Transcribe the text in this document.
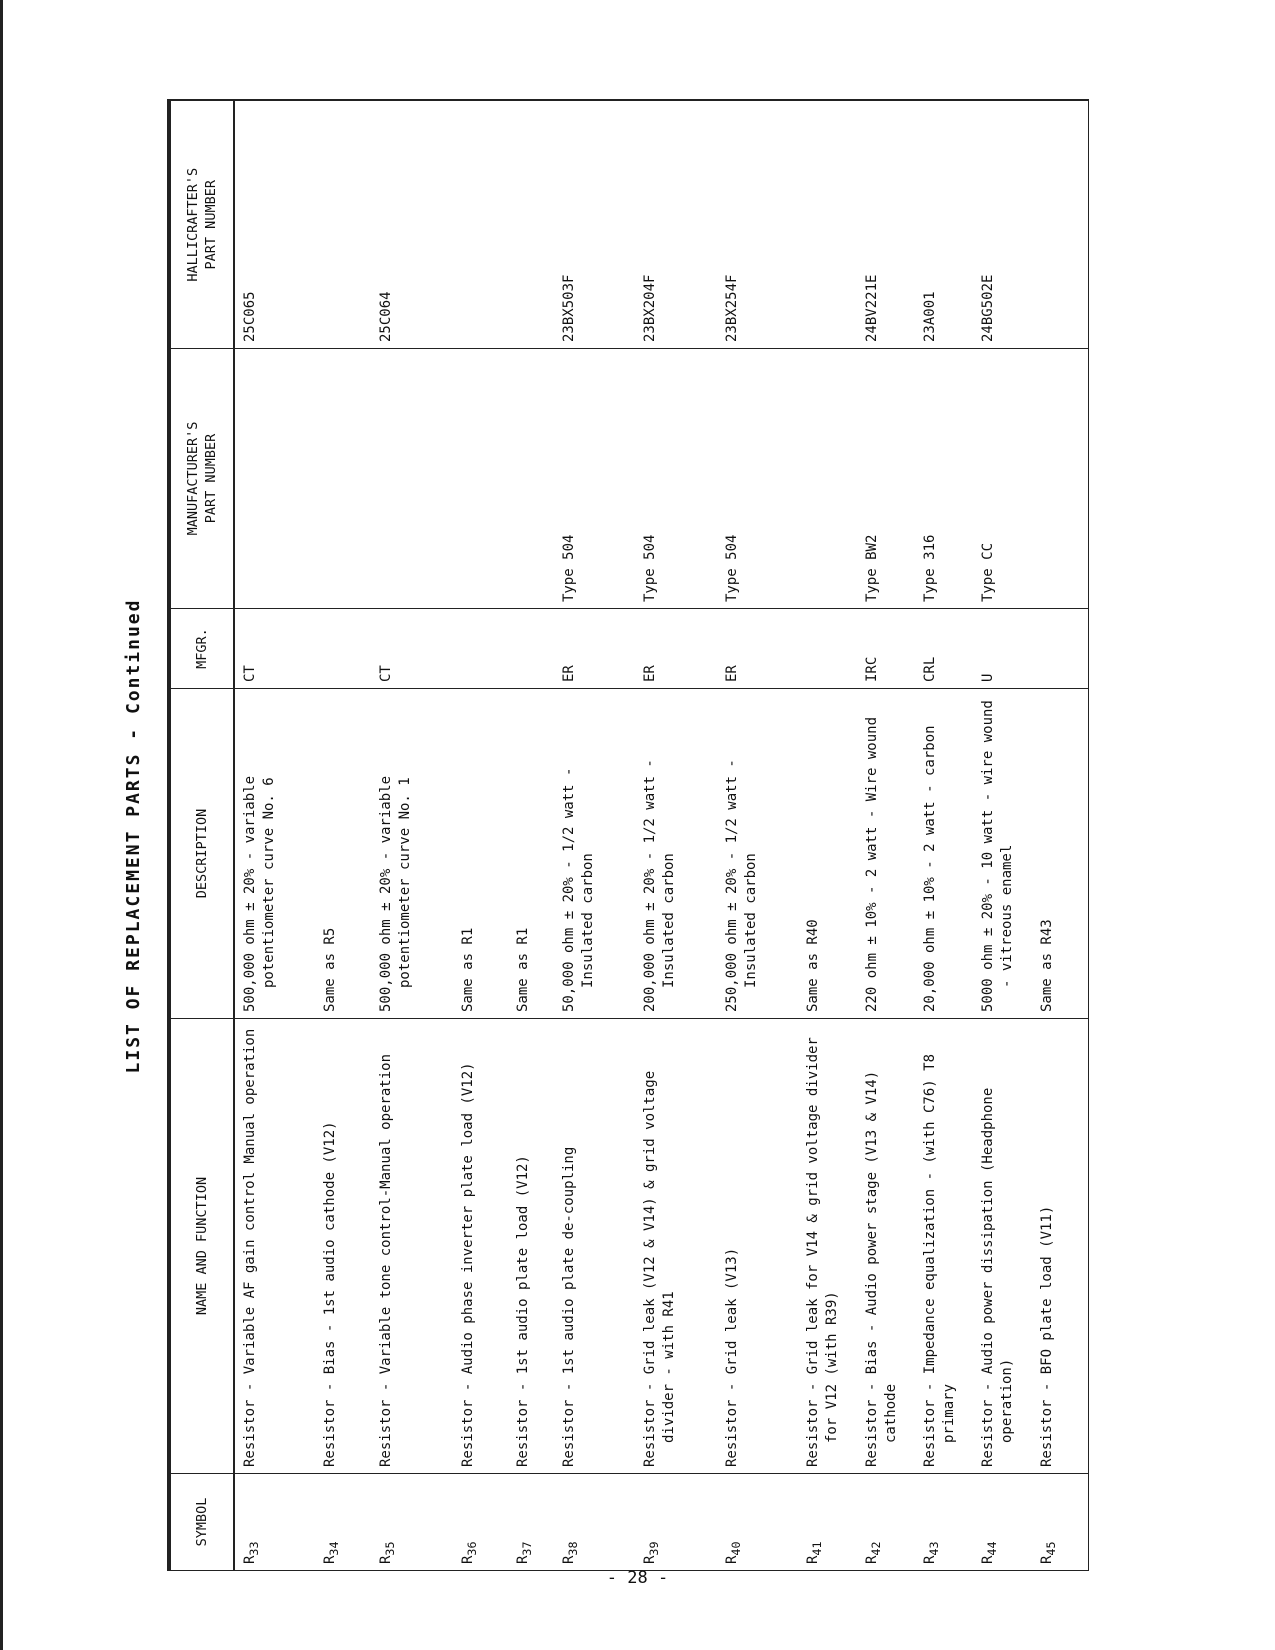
LIST OF REPLACEMENT PARTS - Continued
SYMBOL	NAME AND FUNCTION	DESCRIPTION	MFGR.	MANUFACTURER'S PART NUMBER	HALLICRAFTER'S PART NUMBER
$R_{33}$	Resistor - Variable AF gain control Manual operation	500,000 ohm ± 20% - variable potentiometer curve No. 6	CT		25C065

$R_{34}$	Resistor - Bias - 1st audio cathode (V12)	Same as R5			

$R_{35}$	Resistor - Variable tone control-Manual operation	500,000 ohm ± 20% - variable potentiometer curve No. 1	CT		25C064

$R_{36}$	Resistor - Audio phase inverter plate load (V12)	Same as R1			

$R_{37}$	Resistor - 1st audio plate load (V12)	Same as R1			

$R_{38}$	Resistor - 1st audio plate de-coupling	50,000 ohm ± 20% - 1/2 watt - Insulated carbon	ER	Type 504	23BX503F

$R_{39}$	Resistor - Grid leak (V12 & V14) & grid voltage divider - with R41	200,000 ohm ± 20% - 1/2 watt - Insulated carbon	ER	Type 504	23BX204F

$R_{40}$	Resistor - Grid leak (V13)	250,000 ohm ± 20% - 1/2 watt - Insulated carbon	ER	Type 504	23BX254F

$R_{41}$	Resistor - Grid leak for V14 & grid voltage divider for V12 (with R39)	Same as R40			

$R_{42}$	Resistor - Bias - Audio power stage (V13 & V14) cathode	220 ohm ± 10% - 2 watt - Wire wound	IRC	Type BW2	24BV221E

$R_{43}$	Resistor - Impedance equalization - (with C76) T8 primary	20,000 ohm ± 10% - 2 watt - carbon	CRL	Type 316	23A001

$R_{44}$	Resistor - Audio power dissipation (Headphone operation)	5000 ohm ± 20% - 10 watt - wire wound - vitreous enamel	U	Type CC	24BG502E

$R_{45}$	Resistor - BFO plate load (V11)	Same as R43			

- 28 -
